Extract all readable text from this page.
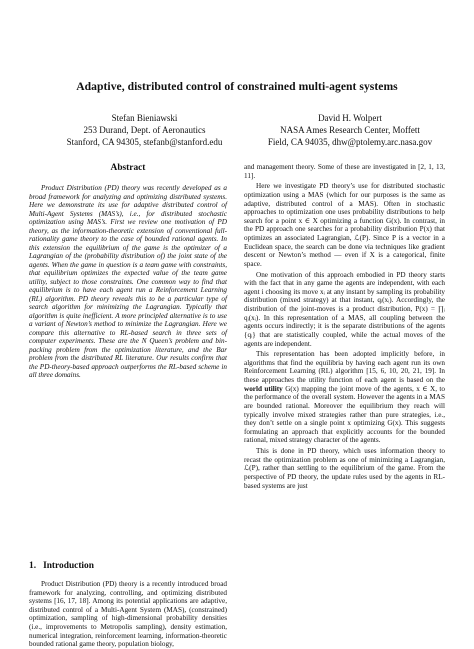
Adaptive, distributed control of constrained multi-agent systems
Stefan Bieniawski
253 Durand, Dept. of Aeronautics
Stanford, CA 94305, stefanb@stanford.edu
David H. Wolpert
NASA Ames Research Center, Moffett
Field, CA 94035, dhw@ptolemy.arc.nasa.gov
Abstract

Product Distribution (PD) theory was recently developed as a broad framework for analyzing and optimizing distributed systems. Here we demonstrate its use for adaptive distributed control of Multi-Agent Systems (MAS’s), i.e., for distributed stochastic optimization using MAS’s. First we review one motivation of PD theory, as the information-theoretic extension of conventional full-rationality game theory to the case of bounded rational agents. In this extension the equilibrium of the game is the optimizer of a Lagrangian of the (probability distribution of) the joint state of the agents. When the game in question is a team game with constraints, that equilibrium optimizes the expected value of the team game utility, subject to those constraints. One common way to find that equilibrium is to have each agent run a Reinforcement Learning (RL) algorithm. PD theory reveals this to be a particular type of search algorithm for minimizing the Lagrangian. Typically that algorithm is quite inefficient. A more principled alternative is to use a variant of Newton’s method to minimize the Lagrangian. Here we compare this alternative to RL-based search in three sets of computer experiments. These are the N Queen’s problem and bin-packing problem from the optimization literature, and the Bar problem from the distributed RL literature. Our results confirm that the PD-theory-based approach outperforms the RL-based scheme in all three domains.

1. Introduction

Product Distribution (PD) theory is a recently introduced broad framework for analyzing, controlling, and optimizing distributed systems [16, 17, 18]. Among its potential applications are adaptive, distributed control of a Multi-Agent System (MAS), (constrained) optimization, sampling of high-dimensional probability densities (i.e., improvements to Metropolis sampling), density estimation, numerical integration, reinforcement learning, information-theoretic bounded rational game theory, population biology,

and management theory. Some of these are investigated in [2, 1, 13, 11].

Here we investigate PD theory’s use for distributed stochastic optimization using a MAS (which for our purposes is the same as adaptive, distributed control of a MAS). Often in stochastic approaches to optimization one uses probability distributions to help search for a point x ∈ X optimizing a function G(x). In contrast, in the PD approach one searches for a probability distribution P(x) that optimizes an associated Lagrangian, ℒ(P). Since P is a vector in a Euclidean space, the search can be done via techniques like gradient descent or Newton’s method — even if X is a categorical, finite space.

One motivation of this approach embodied in PD theory starts with the fact that in any game the agents are independent, with each agent i choosing its move xᵢ at any instant by sampling its probability distribution (mixed strategy) at that instant, qᵢ(xᵢ). Accordingly, the distribution of the joint-moves is a product distribution, P(x) = ∏ᵢ qᵢ(xᵢ). In this representation of a MAS, all coupling between the agents occurs indirectly; it is the separate distributions of the agents {qᵢ} that are statistically coupled, while the actual moves of the agents are independent.

This representation has been adopted implicitly before, in algorithms that find the equilibria by having each agent run its own Reinforcement Learning (RL) algorithm [15, 6, 10, 20, 21, 19]. In these approaches the utility function of each agent is based on the world utility G(x) mapping the joint move of the agents, x ∈ X, to the performance of the overall system. However the agents in a MAS are bounded rational. Moreover the equilibrium they reach will typically involve mixed strategies rather than pure strategies, i.e., they don’t settle on a single point x optimizing G(x). This suggests formulating an approach that explicitly accounts for the bounded rational, mixed strategy character of the agents.

This is done in PD theory, which uses information theory to recast the optimization problem as one of minimizing a Lagrangian, ℒ(P), rather than settling to the equilibrium of the game. From the perspective of PD theory, the update rules used by the agents in RL-based systems are just
